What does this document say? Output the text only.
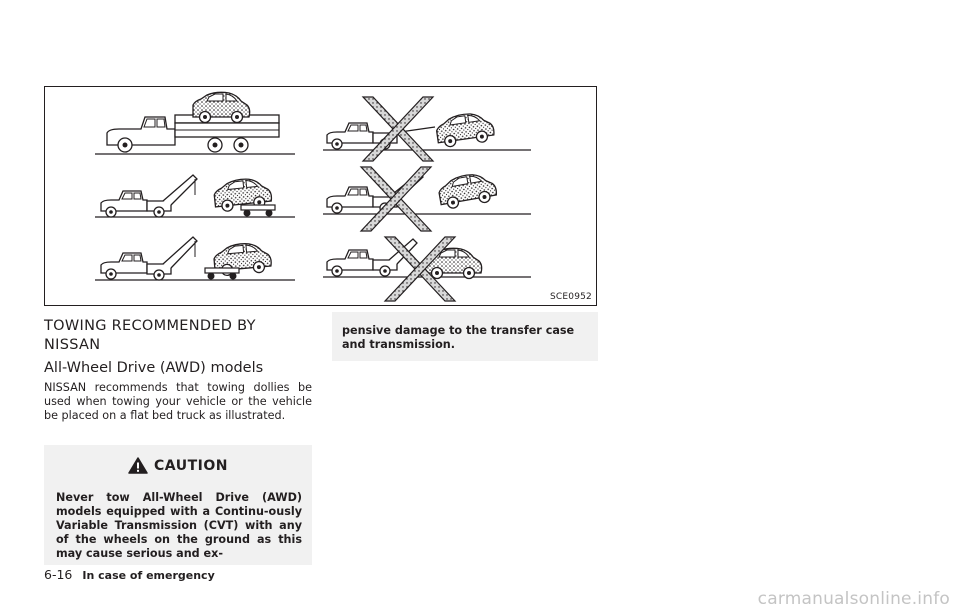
SCE0952
TOWING RECOMMENDED BY NISSAN
All-Wheel Drive (AWD) models

NISSAN recommends that towing dollies be used when towing your vehicle or the vehicle be placed on a flat bed truck as illustrated.

CAUTION

Never tow All-Wheel Drive (AWD) models equipped with a Continu-ously Variable Transmission (CVT) with any of the wheels on the ground as this may cause serious and ex-

pensive damage to the transfer case and transmission.

6-16 In case of emergency
carmanualsonline.info
